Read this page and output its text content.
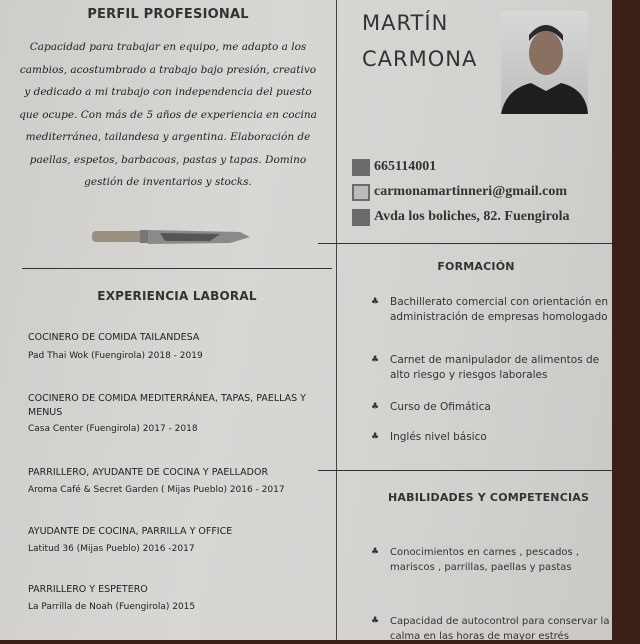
PERFIL PROFESIONAL
Capacidad para trabajar en equipo, me adapto a los
cambios, acostumbrado a trabajo bajo presión, creativo
y dedicado a mi trabajo con independencia del puesto
que ocupe. Con más de 5 años de experiencia en cocina
mediterránea, tailandesa y argentina. Elaboración de
paellas, espetos, barbacoas, pastas y tapas. Domino
gestión de inventarios y stocks.
MARTÍN
CARMONA
665114001
carmonamartinneri@gmail.com
Avda los boliches, 82. Fuengirola
EXPERIENCIA LABORAL
COCINERO DE COMIDA TAILANDESA
Pad Thai Wok (Fuengirola) 2018 - 2019
COCINERO DE COMIDA MEDITERRÁNEA, TAPAS, PAELLAS Y MENUS
Casa Center (Fuengirola) 2017 - 2018
PARRILLERO, AYUDANTE DE COCINA Y PAELLADOR
Aroma Café & Secret Garden ( Mijas Pueblo) 2016 - 2017
AYUDANTE DE COCINA, PARRILLA Y OFFICE
Latitud 36 (Mijas Pueblo) 2016 -2017
PARRILLERO Y ESPETERO
La Parrilla de Noah (Fuengirola) 2015
FORMACIÓN
♣ Bachillerato comercial con orientación en administración de empresas homologado
♣ Carnet de manipulador de alimentos de alto riesgo y riesgos laborales
♣ Curso de Ofimática
♣ Inglés nivel básico
HABILIDADES Y COMPETENCIAS
♣ Conocimientos en carnes , pescados , mariscos , parrillas, paellas y pastas
♣ Capacidad de autocontrol para conservar la calma en las horas de mayor estrés
